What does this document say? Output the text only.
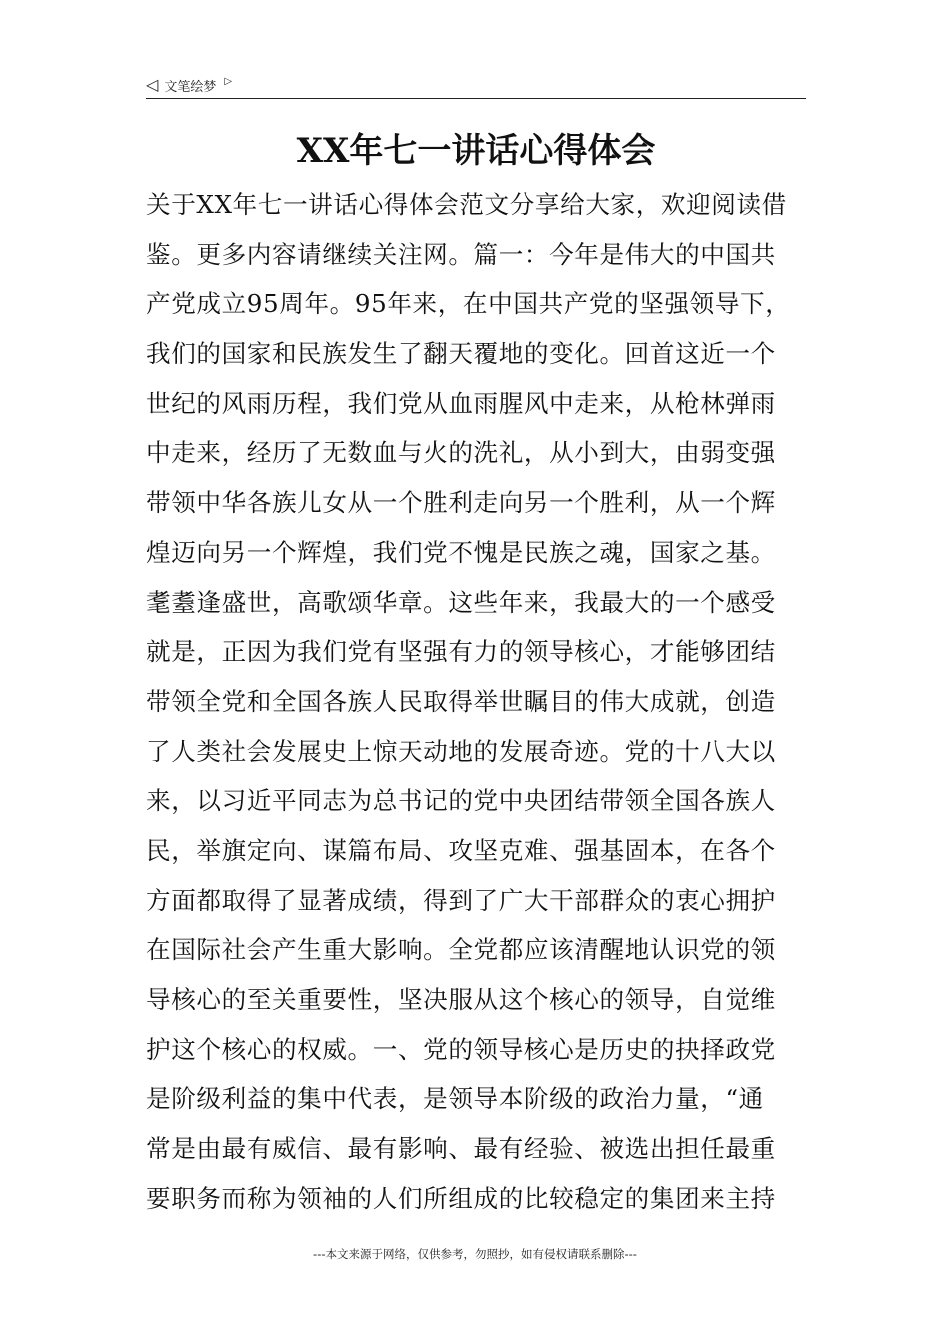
◁ 文笔绘梦 ▷
XX年七一讲话心得体会
关于XX年七一讲话心得体会范文分享给大家，欢迎阅读借
鉴。更多内容请继续关注网。篇一：今年是伟大的中国共
产党成立95周年。95年来，在中国共产党的坚强领导下，
我们的国家和民族发生了翻天覆地的变化。回首这近一个
世纪的风雨历程，我们党从血雨腥风中走来，从枪林弹雨
中走来，经历了无数血与火的洗礼，从小到大，由弱变强
带领中华各族儿女从一个胜利走向另一个胜利，从一个辉
煌迈向另一个辉煌，我们党不愧是民族之魂，国家之基。
耄耋逢盛世，高歌颂华章。这些年来，我最大的一个感受
就是，正因为我们党有坚强有力的领导核心，才能够团结
带领全党和全国各族人民取得举世瞩目的伟大成就，创造
了人类社会发展史上惊天动地的发展奇迹。党的十八大以
来，以习近平同志为总书记的党中央团结带领全国各族人
民，举旗定向、谋篇布局、攻坚克难、强基固本，在各个
方面都取得了显著成绩，得到了广大干部群众的衷心拥护
在国际社会产生重大影响。全党都应该清醒地认识党的领
导核心的至关重要性，坚决服从这个核心的领导，自觉维
护这个核心的权威。一、党的领导核心是历史的抉择政党
是阶级利益的集中代表，是领导本阶级的政治力量，“通
常是由最有威信、最有影响、最有经验、被选出担任最重
要职务而称为领袖的人们所组成的比较稳定的集团来主持
---本文来源于网络，仅供参考，勿照抄，如有侵权请联系删除---
